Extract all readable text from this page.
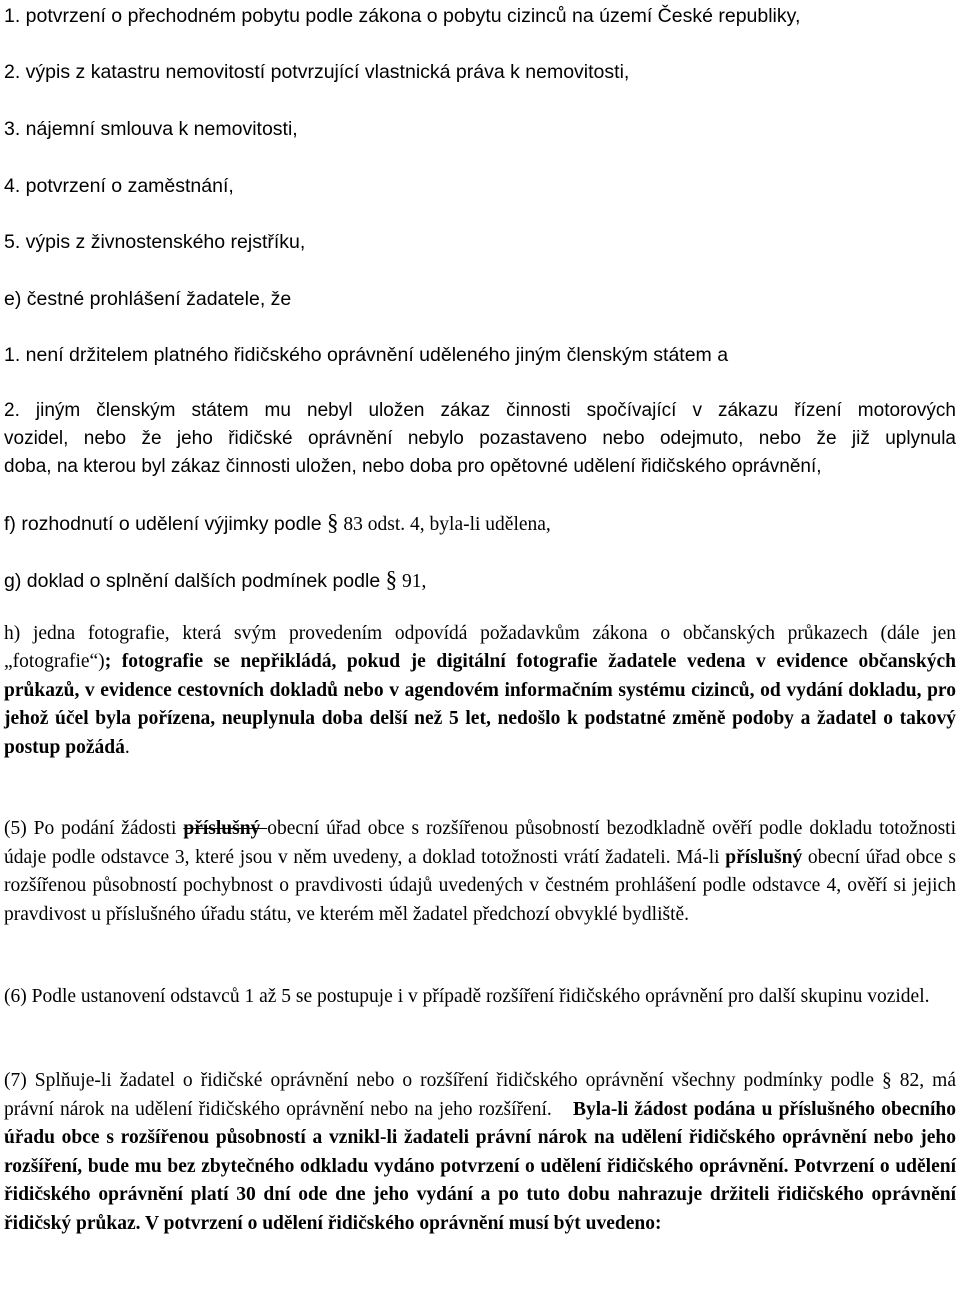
1. potvrzení o přechodném pobytu podle zákona o pobytu cizinců na území České republiky,
2. výpis z katastru nemovitostí potvrzující vlastnická práva k nemovitosti,
3. nájemní smlouva k nemovitosti,
4. potvrzení o zaměstnání,
5. výpis z živnostenského rejstříku,
e) čestné prohlášení žadatele, že
1. není držitelem platného řidičského oprávnění uděleného jiným členským státem a
2. jiným členským státem mu nebyl uložen zákaz činnosti spočívající v zákazu řízení motorových
vozidel, nebo že jeho řidičské oprávnění nebylo pozastaveno nebo odejmuto, nebo že již uplynula
doba, na kterou byl zákaz činnosti uložen, nebo doba pro opětovné udělení řidičského oprávnění,
f) rozhodnutí o udělení výjimky podle § 83 odst. 4, byla-li udělena,
g) doklad o splnění dalších podmínek podle § 91,
h) jedna fotografie, která svým provedením odpovídá požadavkům zákona o občanských průkazech (dále jen „fotografie“); fotografie se nepřikládá, pokud je digitální fotografie žadatele vedena v evidence občanských průkazů, v evidence cestovních dokladů nebo v agendovém informačním systému cizinců, od vydání dokladu, pro jehož účel byla pořízena, neuplynula doba delší než 5 let, nedošlo k podstatné změně podoby a žadatel o takový postup požádá.
(5) Po podání žádosti příslušný obecní úřad obce s rozšířenou působností bezodkladně ověří podle dokladu totožnosti údaje podle odstavce 3, které jsou v něm uvedeny, a doklad totožnosti vrátí žadateli. Má-li příslušný obecní úřad obce s rozšířenou působností pochybnost o pravdivosti údajů uvedených v čestném prohlášení podle odstavce 4, ověří si jejich pravdivost u příslušného úřadu státu, ve kterém měl žadatel předchozí obvyklé bydliště.
(6) Podle ustanovení odstavců 1 až 5 se postupuje i v případě rozšíření řidičského oprávnění pro další skupinu vozidel.
(7) Splňuje-li žadatel o řidičské oprávnění nebo o rozšíření řidičského oprávnění všechny podmínky podle § 82, má právní nárok na udělení řidičského oprávnění nebo na jeho rozšíření. Byla-li žádost podána u příslušného obecního úřadu obce s rozšířenou působností a vznikl-li žadateli právní nárok na udělení řidičského oprávnění nebo jeho rozšíření, bude mu bez zbytečného odkladu vydáno potvrzení o udělení řidičského oprávnění. Potvrzení o udělení řidičského oprávnění platí 30 dní ode dne jeho vydání a po tuto dobu nahrazuje držiteli řidičského oprávnění řidičský průkaz. V potvrzení o udělení řidičského oprávnění musí být uvedeno:
